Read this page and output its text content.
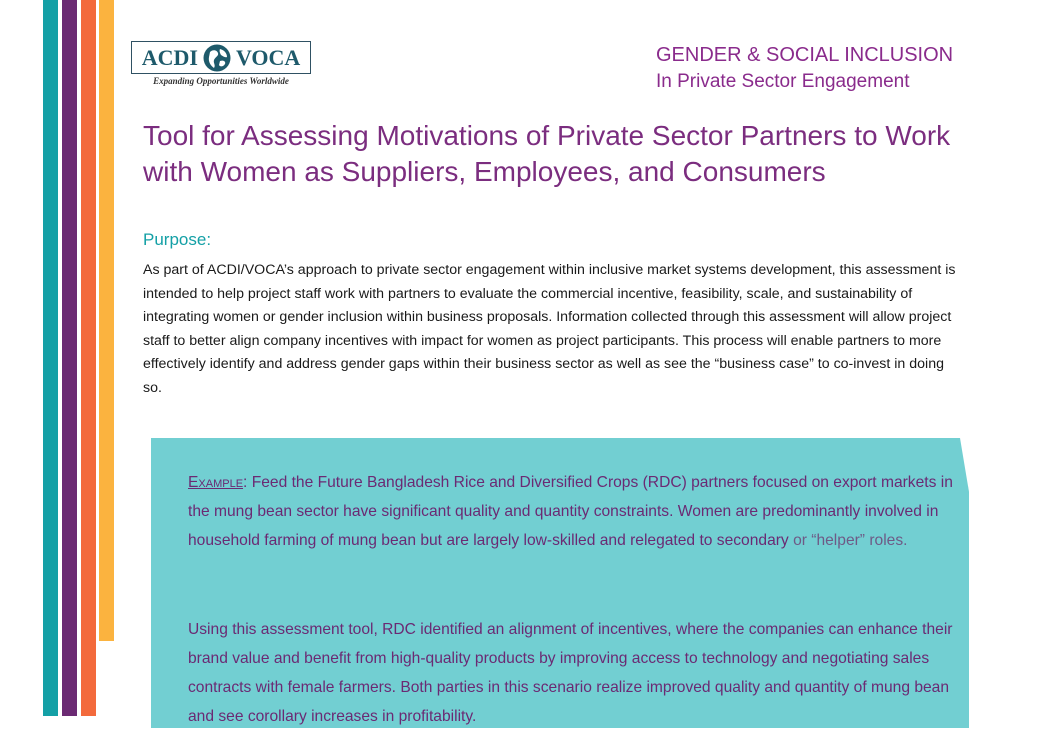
ACDI VOCA
Expanding Opportunities Worldwide
GENDER & SOCIAL INCLUSION
In Private Sector Engagement
Tool for Assessing Motivations of Private Sector Partners to Work with Women as Suppliers, Employees, and Consumers
Purpose:

As part of ACDI/VOCA’s approach to private sector engagement within inclusive market systems development, this assessment is intended to help project staff work with partners to evaluate the commercial incentive, feasibility, scale, and sustainability of integrating women or gender inclusion within business proposals. Information collected through this assessment will allow project staff to better align company incentives with impact for women as project participants. This process will enable partners to more effectively identify and address gender gaps within their business sector as well as see the “business case” to co-invest in doing so.

Example: Feed the Future Bangladesh Rice and Diversified Crops (RDC) partners focused on export markets in the mung bean sector have significant quality and quantity constraints. Women are predominantly involved in household farming of mung bean but are largely low-skilled and relegated to secondary or “helper” roles.

Using this assessment tool, RDC identified an alignment of incentives, where the companies can enhance their brand value and benefit from high-quality products by improving access to technology and negotiating sales contracts with female farmers. Both parties in this scenario realize improved quality and quantity of mung bean and see corollary increases in profitability.
